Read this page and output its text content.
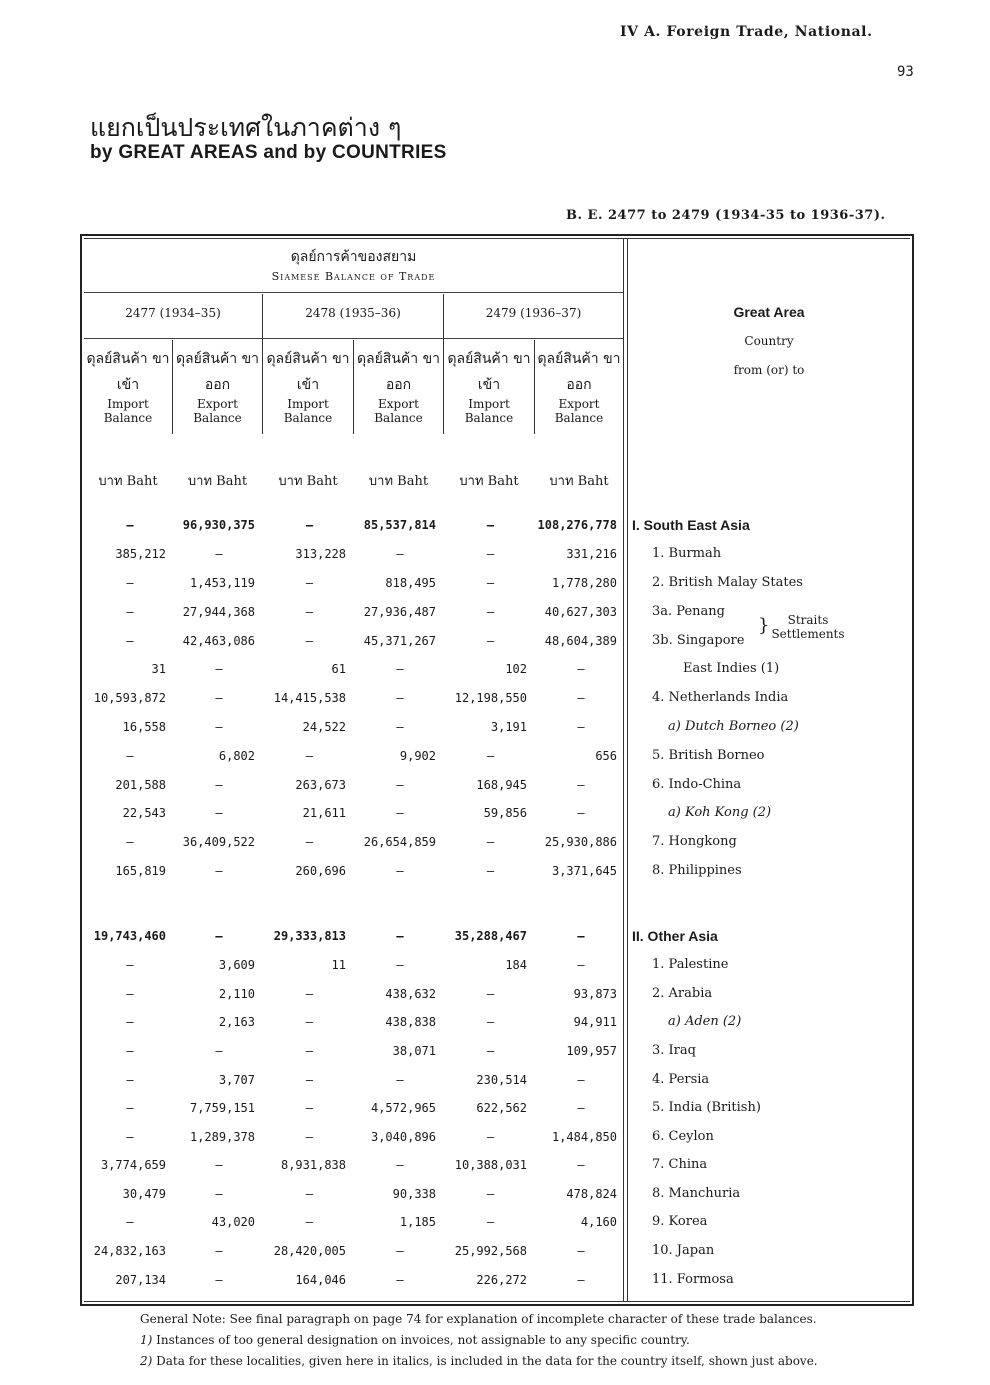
IV A. Foreign Trade, National.
93
แยกเป็นประเทศในภาคต่าง ๆ
by GREAT AREAS and by COUNTRIES
B. E. 2477 to 2479 (1934-35 to 1936-37).
ดุลย์การค้าของสยาม
Siamese Balance of Trade
2477 (1934–35)	2478 (1935–36)	2479 (1936–37)
ดุลย์สินค้า ขาเข้า
Import Balance
ดุลย์สินค้า ขาออก
Export Balance
ดุลย์สินค้า ขาเข้า
Import Balance
ดุลย์สินค้า ขาออก
Export Balance
ดุลย์สินค้า ขาเข้า
Import Balance
ดุลย์สินค้า ขาออก
Export Balance
บาท Baht	บาท Baht	บาท Baht	บาท Baht	บาท Baht	บาท Baht
Great Area
Country
from (or) to
—	96,930,375	—	85,537,814	—	108,276,778 I. South East Asia
385,212	—	313,228	—	—	331,216	1. Burmah
—	1,453,119	—	818,495	—	1,778,280	2. British Malay States
—	27,944,368	—	27,936,487	—	40,627,303	3a. Penang
—	42,463,086	—	45,371,267	—	48,604,389	3b. Singapore
31	—	61	—	102	—	East Indies (1)
10,593,872	—	14,415,538	—	12,198,550	—	4. Netherlands India
16,558	—	24,522	—	3,191	—	a) Dutch Borneo (2)
—	6,802	—	9,902	—	656	5. British Borneo
201,588	—	263,673	—	168,945	—	6. Indo-China
22,543	—	21,611	—	59,856	—	a) Koh Kong (2)
—	36,409,522	—	26,654,859	—	25,930,886	7. Hongkong
165,819	—	260,696	—	—	3,371,645	8. Philippines
19,743,460	—	29,333,813	—	35,288,467	—	II. Other Asia
—	3,609	11	—	184	—	1. Palestine
—	2,110	—	438,632	—	93,873	2. Arabia
—	2,163	—	438,838	—	94,911	a) Aden (2)
—	—	—	38,071	—	109,957	3. Iraq
—	3,707	—	—	230,514	—	4. Persia
—	7,759,151	—	4,572,965	622,562	—	5. India (British)
—	1,289,378	—	3,040,896	—	1,484,850	6. Ceylon
3,774,659	—	8,931,838	—	10,388,031	—	7. China
30,479	—	—	90,338	—	478,824	8. Manchuria
—	43,020	—	1,185	—	4,160	9. Korea
24,832,163	—	28,420,005	—	25,992,568	—	10. Japan
207,134	—	164,046	—	226,272	—	11. Formosa
}	Straits Settlements
General Note: See final paragraph on page 74 for explanation of incomplete character of these trade balances.
1) Instances of too general designation on invoices, not assignable to any specific country.
2) Data for these localities, given here in italics, is included in the data for the country itself, shown just above.
